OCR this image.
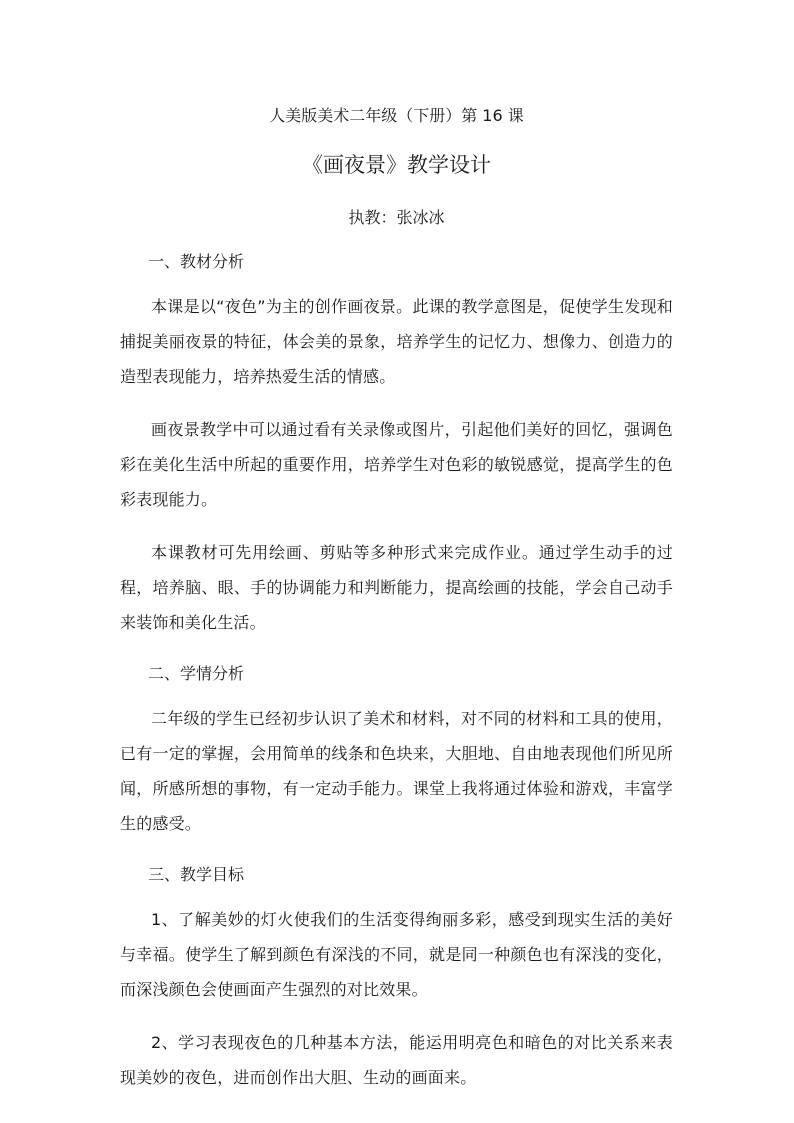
人美版美术二年级（下册）第 16 课

《画夜景》教学设计

执教：张冰冰

一、教材分析

本课是以“夜色”为主的创作画夜景。此课的教学意图是，促使学生发现和捕捉美丽夜景的特征，体会美的景象，培养学生的记忆力、想像力、创造力的造型表现能力，培养热爱生活的情感。

画夜景教学中可以通过看有关录像或图片，引起他们美好的回忆，强调色彩在美化生活中所起的重要作用，培养学生对色彩的敏锐感觉，提高学生的色彩表现能力。

本课教材可先用绘画、剪贴等多种形式来完成作业。通过学生动手的过程，培养脑、眼、手的协调能力和判断能力，提高绘画的技能，学会自己动手来装饰和美化生活。

二、学情分析

二年级的学生已经初步认识了美术和材料，对不同的材料和工具的使用，已有一定的掌握，会用简单的线条和色块来，大胆地、自由地表现他们所见所闻，所感所想的事物，有一定动手能力。课堂上我将通过体验和游戏，丰富学生的感受。

三、教学目标

1、了解美妙的灯火使我们的生活变得绚丽多彩，感受到现实生活的美好与幸福。使学生了解到颜色有深浅的不同，就是同一种颜色也有深浅的变化，而深浅颜色会使画面产生强烈的对比效果。

2、学习表现夜色的几种基本方法，能运用明亮色和暗色的对比关系来表现美妙的夜色，进而创作出大胆、生动的画面来。
